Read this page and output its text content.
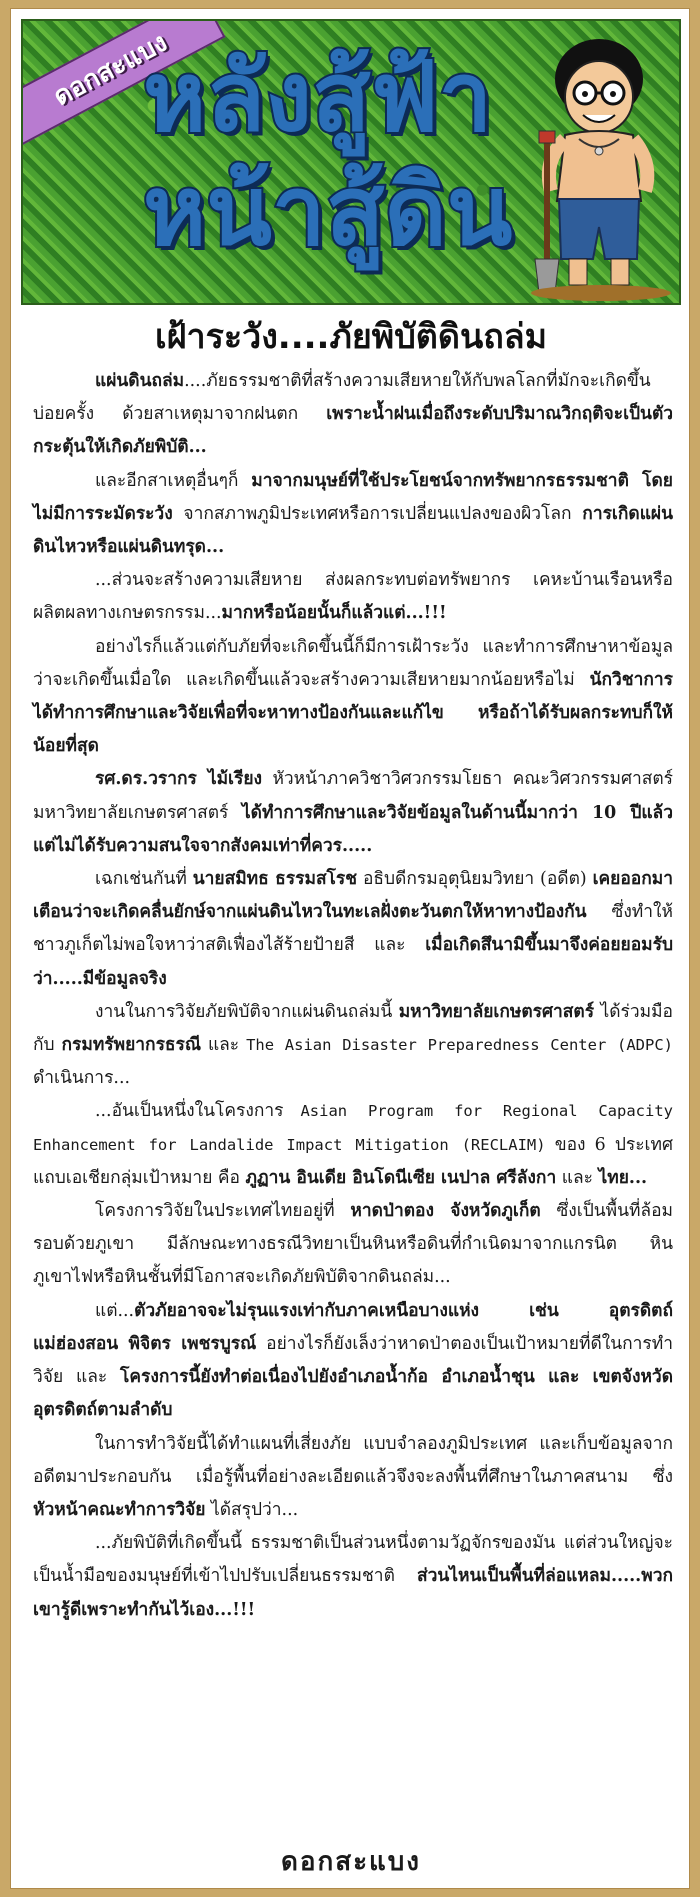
ดอกสะแบง
หลังสู้ฟ้า
หน้าสู้ดิน
เฝ้าระวัง....ภัยพิบัติดินถล่ม

แผ่นดินถล่ม....ภัยธรรมชาติที่สร้างความเสียหายให้กับพลโลกที่มักจะเกิดขึ้นบ่อยครั้ง ด้วยสาเหตุมาจากฝนตก เพราะน้ำฝนเมื่อถึงระดับปริมาณวิกฤติจะเป็นตัวกระตุ้นให้เกิดภัยพิบัติ...

และอีกสาเหตุอื่นๆก็ มาจากมนุษย์ที่ใช้ประโยชน์จากทรัพยากรธรรมชาติ โดยไม่มีการระมัดระวัง จากสภาพภูมิประเทศหรือการเปลี่ยนแปลงของผิวโลก การเกิดแผ่นดินไหวหรือแผ่นดินทรุด...

...ส่วนจะสร้างความเสียหาย ส่งผลกระทบต่อทรัพยากร เคหะบ้านเรือนหรือผลิตผลทางเกษตรกรรม...มากหรือน้อยนั้นก็แล้วแต่...!!!

อย่างไรก็แล้วแต่กับภัยที่จะเกิดขึ้นนี้ก็มีการเฝ้าระวัง และทำการศึกษาหาข้อมูลว่าจะเกิดขึ้นเมื่อใด และเกิดขึ้นแล้วจะสร้างความเสียหายมากน้อยหรือไม่ นักวิชาการได้ทำการศึกษาและวิจัยเพื่อที่จะหาทางป้องกันและแก้ไข หรือถ้าได้รับผลกระทบก็ให้น้อยที่สุด

รศ.ดร.วรากร ไม้เรียง หัวหน้าภาควิชาวิศวกรรมโยธา คณะวิศวกรรมศาสตร์ มหาวิทยาลัยเกษตรศาสตร์ ได้ทำการศึกษาและวิจัยข้อมูลในด้านนี้มากว่า 10 ปีแล้ว แต่ไม่ได้รับความสนใจจากสังคมเท่าที่ควร.....

เฉกเช่นกันที่ นายสมิทธ ธรรมสโรช อธิบดีกรมอุตุนิยมวิทยา (อดีต) เคยออกมาเตือนว่าจะเกิดคลื่นยักษ์จากแผ่นดินไหวในทะเลฝั่งตะวันตกให้หาทางป้องกัน ซึ่งทำให้ชาวภูเก็ตไม่พอใจหาว่าสติเฟื่องไส้ร้ายป้ายสี และ เมื่อเกิดสึนามิขึ้นมาจึงค่อยยอมรับว่า.....มีข้อมูลจริง

งานในการวิจัยภัยพิบัติจากแผ่นดินถล่มนี้ มหาวิทยาลัยเกษตรศาสตร์ ได้ร่วมมือกับ กรมทรัพยากรธรณี และ The Asian Disaster Preparedness Center (ADPC) ดำเนินการ...

...อันเป็นหนึ่งในโครงการ Asian Program for Regional Capacity Enhancement for Landalide Impact Mitigation (RECLAIM) ของ 6 ประเทศแถบเอเชียกลุ่มเป้าหมาย คือ ภูฏาน อินเดีย อินโดนีเซีย เนปาล ศรีลังกา และ ไทย...

โครงการวิจัยในประเทศไทยอยู่ที่ หาดป่าตอง จังหวัดภูเก็ต ซึ่งเป็นพื้นที่ล้อมรอบด้วยภูเขา มีลักษณะทางธรณีวิทยาเป็นหินหรือดินที่กำเนิดมาจากแกรนิต หินภูเขาไฟหรือหินชั้นที่มีโอกาสจะเกิดภัยพิบัติจากดินถล่ม...

แต่...ตัวภัยอาจจะไม่รุนแรงเท่ากับภาคเหนือบางแห่ง เช่น อุตรดิตถ์ แม่ฮ่องสอน พิจิตร เพชรบูรณ์ อย่างไรก็ยังเล็งว่าหาดป่าตองเป็นเป้าหมายที่ดีในการทำวิจัย และ โครงการนี้ยังทำต่อเนื่องไปยังอำเภอน้ำก้อ อำเภอน้ำชุน และ เขตจังหวัดอุตรดิตถ์ตามลำดับ

ในการทำวิจัยนี้ได้ทำแผนที่เสี่ยงภัย แบบจำลองภูมิประเทศ และเก็บข้อมูลจากอดีตมาประกอบกัน เมื่อรู้พื้นที่อย่างละเอียดแล้วจึงจะลงพื้นที่ศึกษาในภาคสนาม ซึ่ง หัวหน้าคณะทำการวิจัย ได้สรุปว่า...

...ภัยพิบัติที่เกิดขึ้นนี้ ธรรมชาติเป็นส่วนหนึ่งตามวัฏจักรของมัน แต่ส่วนใหญ่จะเป็นน้ำมือของมนุษย์ที่เข้าไปปรับเปลี่ยนธรรมชาติ ส่วนไหนเป็นพื้นที่ล่อแหลม.....พวกเขารู้ดีเพราะทำกันไว้เอง...!!!

ดอกสะแบง
